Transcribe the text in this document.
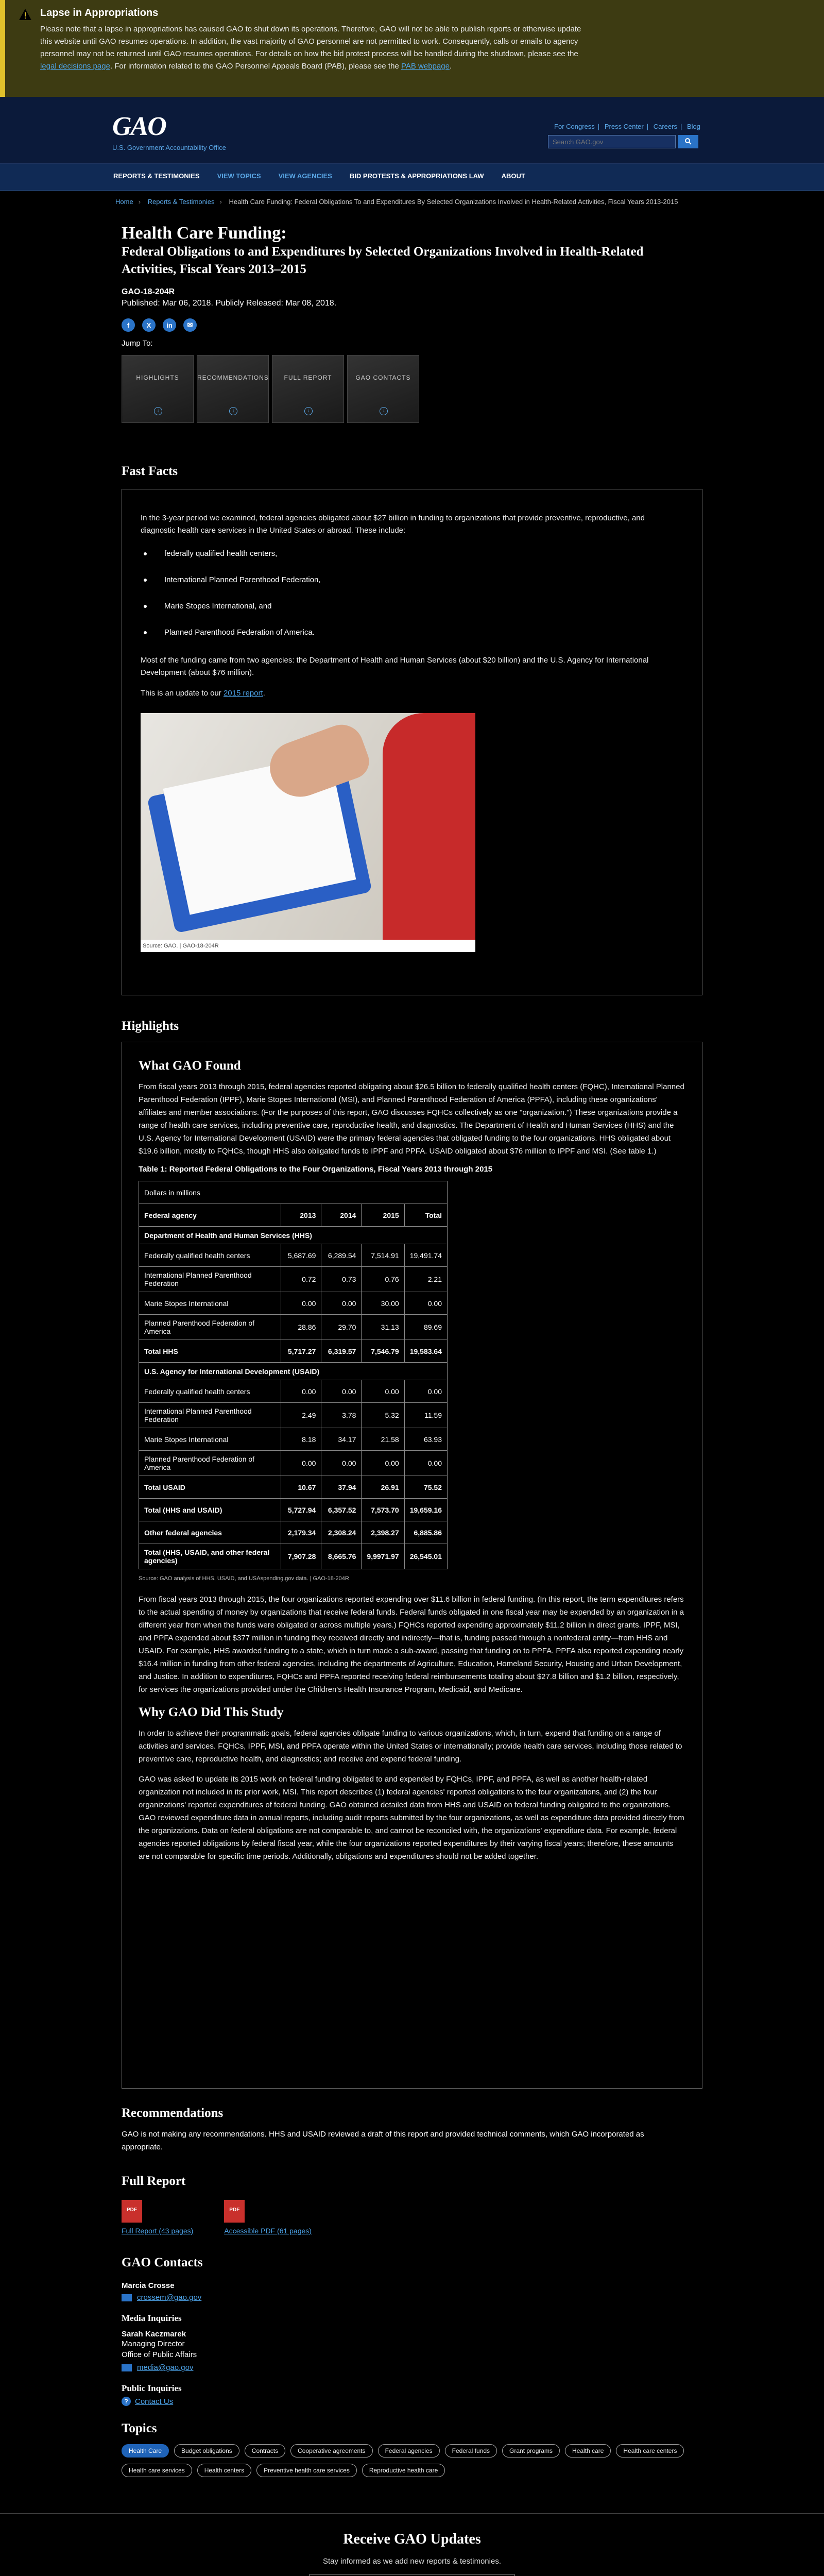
Lapse in Appropriations

Please note that a lapse in appropriations has caused GAO to shut down its operations. Therefore, GAO will not be able to publish reports or otherwise update this website until GAO resumes operations. In addition, the vast majority of GAO personnel are not permitted to work. Consequently, calls or emails to agency personnel may not be returned until GAO resumes operations. For details on how the bid protest process will be handled during the shutdown, please see the legal decisions page. For information related to the GAO Personnel Appeals Board (PAB), please see the PAB webpage.

GAO
U.S. Government Accountability Office
For Congress | Press Center | Careers | Blog
Search GAO.gov
REPORTS & TESTIMONIES	VIEW TOPICS	VIEW AGENCIES	BID PROTESTS & APPROPRIATIONS LAW	ABOUT
Home › Reports & Testimonies › Health Care Funding: Federal Obligations To and Expenditures By Selected Organizations Involved in Health-Related Activities, Fiscal Years 2013-2015
Health Care Funding:
Federal Obligations to and Expenditures by Selected Organizations Involved in Health-Related Activities, Fiscal Years 2013–2015
GAO-18-204R
Published: Mar 06, 2018. Publicly Released: Mar 08, 2018.
f	X	in	✉
Jump To:
HIGHLIGHTS
↓
RECOMMENDATIONS
↓
FULL REPORT
↓
GAO CONTACTS
↓
Fast Facts

In the 3-year period we examined, federal agencies obligated about $27 billion in funding to organizations that provide preventive, reproductive, and diagnostic health care services in the United States or abroad. These include:

federally qualified health centers,
International Planned Parenthood Federation,
Marie Stopes International, and
Planned Parenthood Federation of America.

Most of the funding came from two agencies: the Department of Health and Human Services (about $20 billion) and the U.S. Agency for International Development (about $76 million).

This is an update to our 2015 report.

Source: GAO. | GAO-18-204R
Highlights
What GAO Found

From fiscal years 2013 through 2015, federal agencies reported obligating about $26.5 billion to federally qualified health centers (FQHC), International Planned Parenthood Federation (IPPF), Marie Stopes International (MSI), and Planned Parenthood Federation of America (PPFA), including these organizations' affiliates and member associations. (For the purposes of this report, GAO discusses FQHCs collectively as one "organization.") These organizations provide a range of health care services, including preventive care, reproductive health, and diagnostics. The Department of Health and Human Services (HHS) and the U.S. Agency for International Development (USAID) were the primary federal agencies that obligated funding to the four organizations. HHS obligated about $19.6 billion, mostly to FQHCs, though HHS also obligated funds to IPPF and PPFA. USAID obligated about $76 million to IPPF and MSI. (See table 1.)

Table 1: Reported Federal Obligations to the Four Organizations, Fiscal Years 2013 through 2015
Dollars in millions				
Federal agency	2013	2014	2015	Total
Department of Health and Human Services (HHS)				
Federally qualified health centers	5,687.69	6,289.54	7,514.91	19,491.74
International Planned Parenthood Federation	0.72	0.73	0.76	2.21
Marie Stopes International	0.00	0.00	30.00	0.00
Planned Parenthood Federation of America	28.86	29.70	31.13	89.69
Total HHS	5,717.27	6,319.57	7,546.79	19,583.64
U.S. Agency for International Development (USAID)				
Federally qualified health centers	0.00	0.00	0.00	0.00
International Planned Parenthood Federation	2.49	3.78	5.32	11.59
Marie Stopes International	8.18	34.17	21.58	63.93
Planned Parenthood Federation of America	0.00	0.00	0.00	0.00
Total USAID	10.67	37.94	26.91	75.52
Total (HHS and USAID)	5,727.94	6,357.52	7,573.70	19,659.16
Other federal agencies	2,179.34	2,308.24	2,398.27	6,885.86
Total (HHS, USAID, and other federal agencies)	7,907.28	8,665.76	9,9971.97	26,545.01
Source: GAO analysis of HHS, USAID, and USAspending.gov data. | GAO-18-204R

From fiscal years 2013 through 2015, the four organizations reported expending over $11.6 billion in federal funding. (In this report, the term expenditures refers to the actual spending of money by organizations that receive federal funds. Federal funds obligated in one fiscal year may be expended by an organization in a different year from when the funds were obligated or across multiple years.) FQHCs reported expending approximately $11.2 billion in direct grants. IPPF, MSI, and PPFA expended about $377 million in funding they received directly and indirectly—that is, funding passed through a nonfederal entity—from HHS and USAID. For example, HHS awarded funding to a state, which in turn made a sub-award, passing that funding on to PPFA. PPFA also reported expending nearly $16.4 million in funding from other federal agencies, including the departments of Agriculture, Education, Homeland Security, Housing and Urban Development, and Justice. In addition to expenditures, FQHCs and PPFA reported receiving federal reimbursements totaling about $27.8 billion and $1.2 billion, respectively, for services the organizations provided under the Children's Health Insurance Program, Medicaid, and Medicare.

Why GAO Did This Study

In order to achieve their programmatic goals, federal agencies obligate funding to various organizations, which, in turn, expend that funding on a range of activities and services. FQHCs, IPPF, MSI, and PPFA operate within the United States or internationally; provide health care services, including those related to preventive care, reproductive health, and diagnostics; and receive and expend federal funding.

GAO was asked to update its 2015 work on federal funding obligated to and expended by FQHCs, IPPF, and PPFA, as well as another health-related organization not included in its prior work, MSI. This report describes (1) federal agencies' reported obligations to the four organizations, and (2) the four organizations' reported expenditures of federal funding. GAO obtained detailed data from HHS and USAID on federal funding obligated to the organizations. GAO reviewed expenditure data in annual reports, including audit reports submitted by the four organizations, as well as expenditure data provided directly from the organizations. Data on federal obligations are not comparable to, and cannot be reconciled with, the organizations' expenditure data. For example, federal agencies reported obligations by federal fiscal year, while the four organizations reported expenditures by their varying fiscal years; therefore, these amounts are not comparable for specific time periods. Additionally, obligations and expenditures should not be added together.

Recommendations

GAO is not making any recommendations. HHS and USAID reviewed a draft of this report and provided technical comments, which GAO incorporated as appropriate.

Full Report
PDF
Full Report (43 pages)
PDF
Accessible PDF (61 pages)
GAO Contacts
Marcia Crosse
crossem@gao.gov
Media Inquiries
Sarah Kaczmarek
Managing Director
Office of Public Affairs
media@gao.gov
Public Inquiries
? Contact Us
Topics
Health Care	Budget obligations	Contracts	Cooperative agreements	Federal agencies	Federal funds	Grant programs	Health care	Health care centers
Health care services	Health centers	Preventive health care services	Reproductive health care
Receive GAO Updates

Stay informed as we add new reports & testimonies.

Enter Your Email Address
